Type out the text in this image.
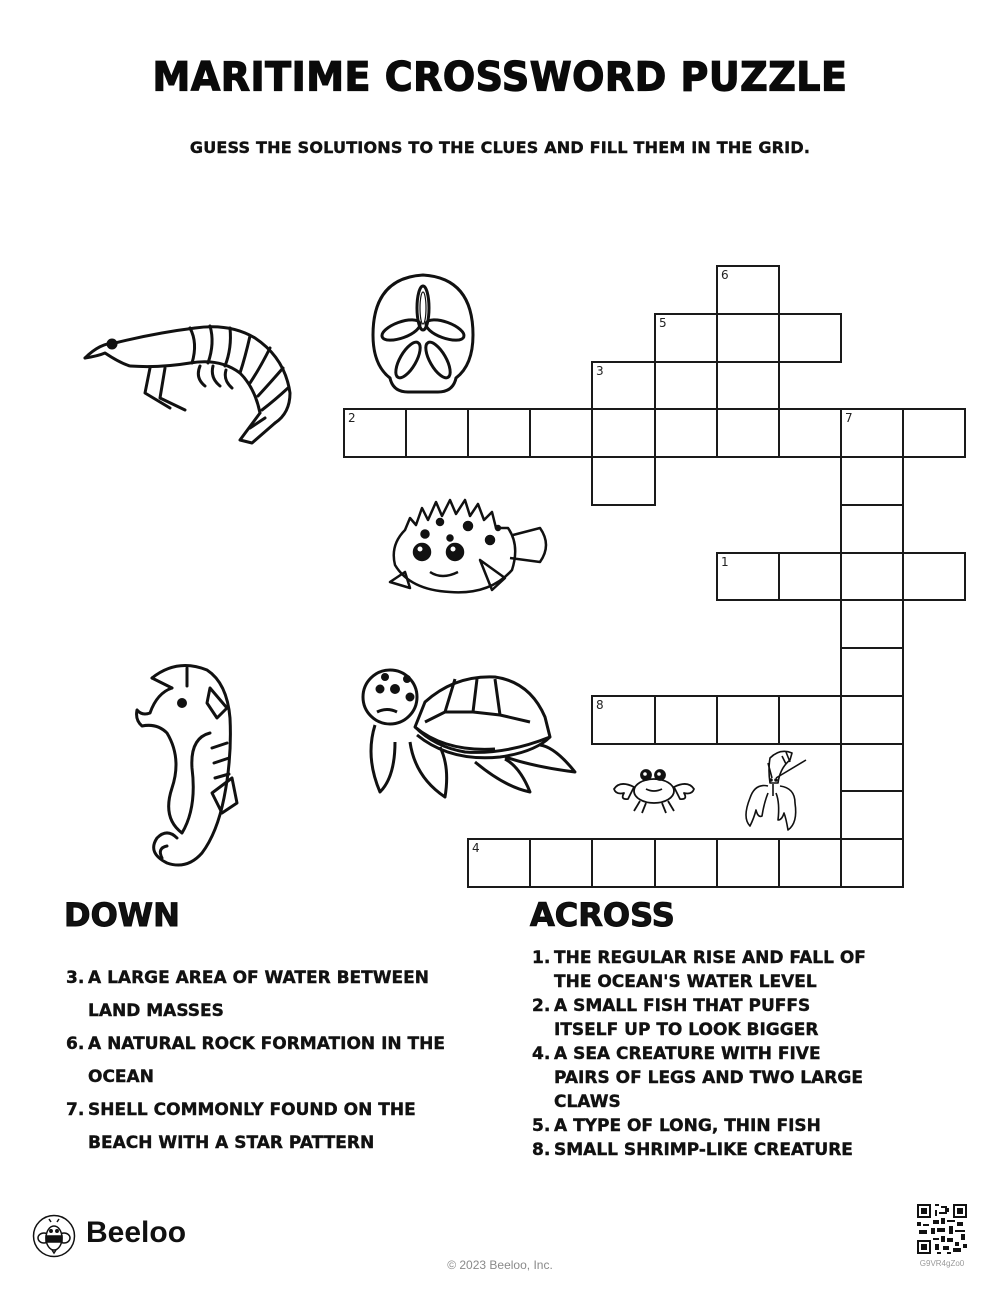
MARITIME CROSSWORD PUZZLE
GUESS THE SOLUTIONS TO THE CLUES AND FILL THEM IN THE GRID.
6
5
3
2	7
1
8
4
DOWN
3. A LARGE AREA OF WATER BETWEEN LAND MASSES
6. A NATURAL ROCK FORMATION IN THE OCEAN
7. SHELL COMMONLY FOUND ON THE BEACH WITH A STAR PATTERN
ACROSS
1. THE REGULAR RISE AND FALL OF THE OCEAN'S WATER LEVEL
2. A SMALL FISH THAT PUFFS ITSELF UP TO LOOK BIGGER
4. A SEA CREATURE WITH FIVE PAIRS OF LEGS AND TWO LARGE CLAWS
5. A TYPE OF LONG, THIN FISH
8. SMALL SHRIMP-LIKE CREATURE
Beeloo
© 2023 Beeloo, Inc.	G9VR4gZo0
